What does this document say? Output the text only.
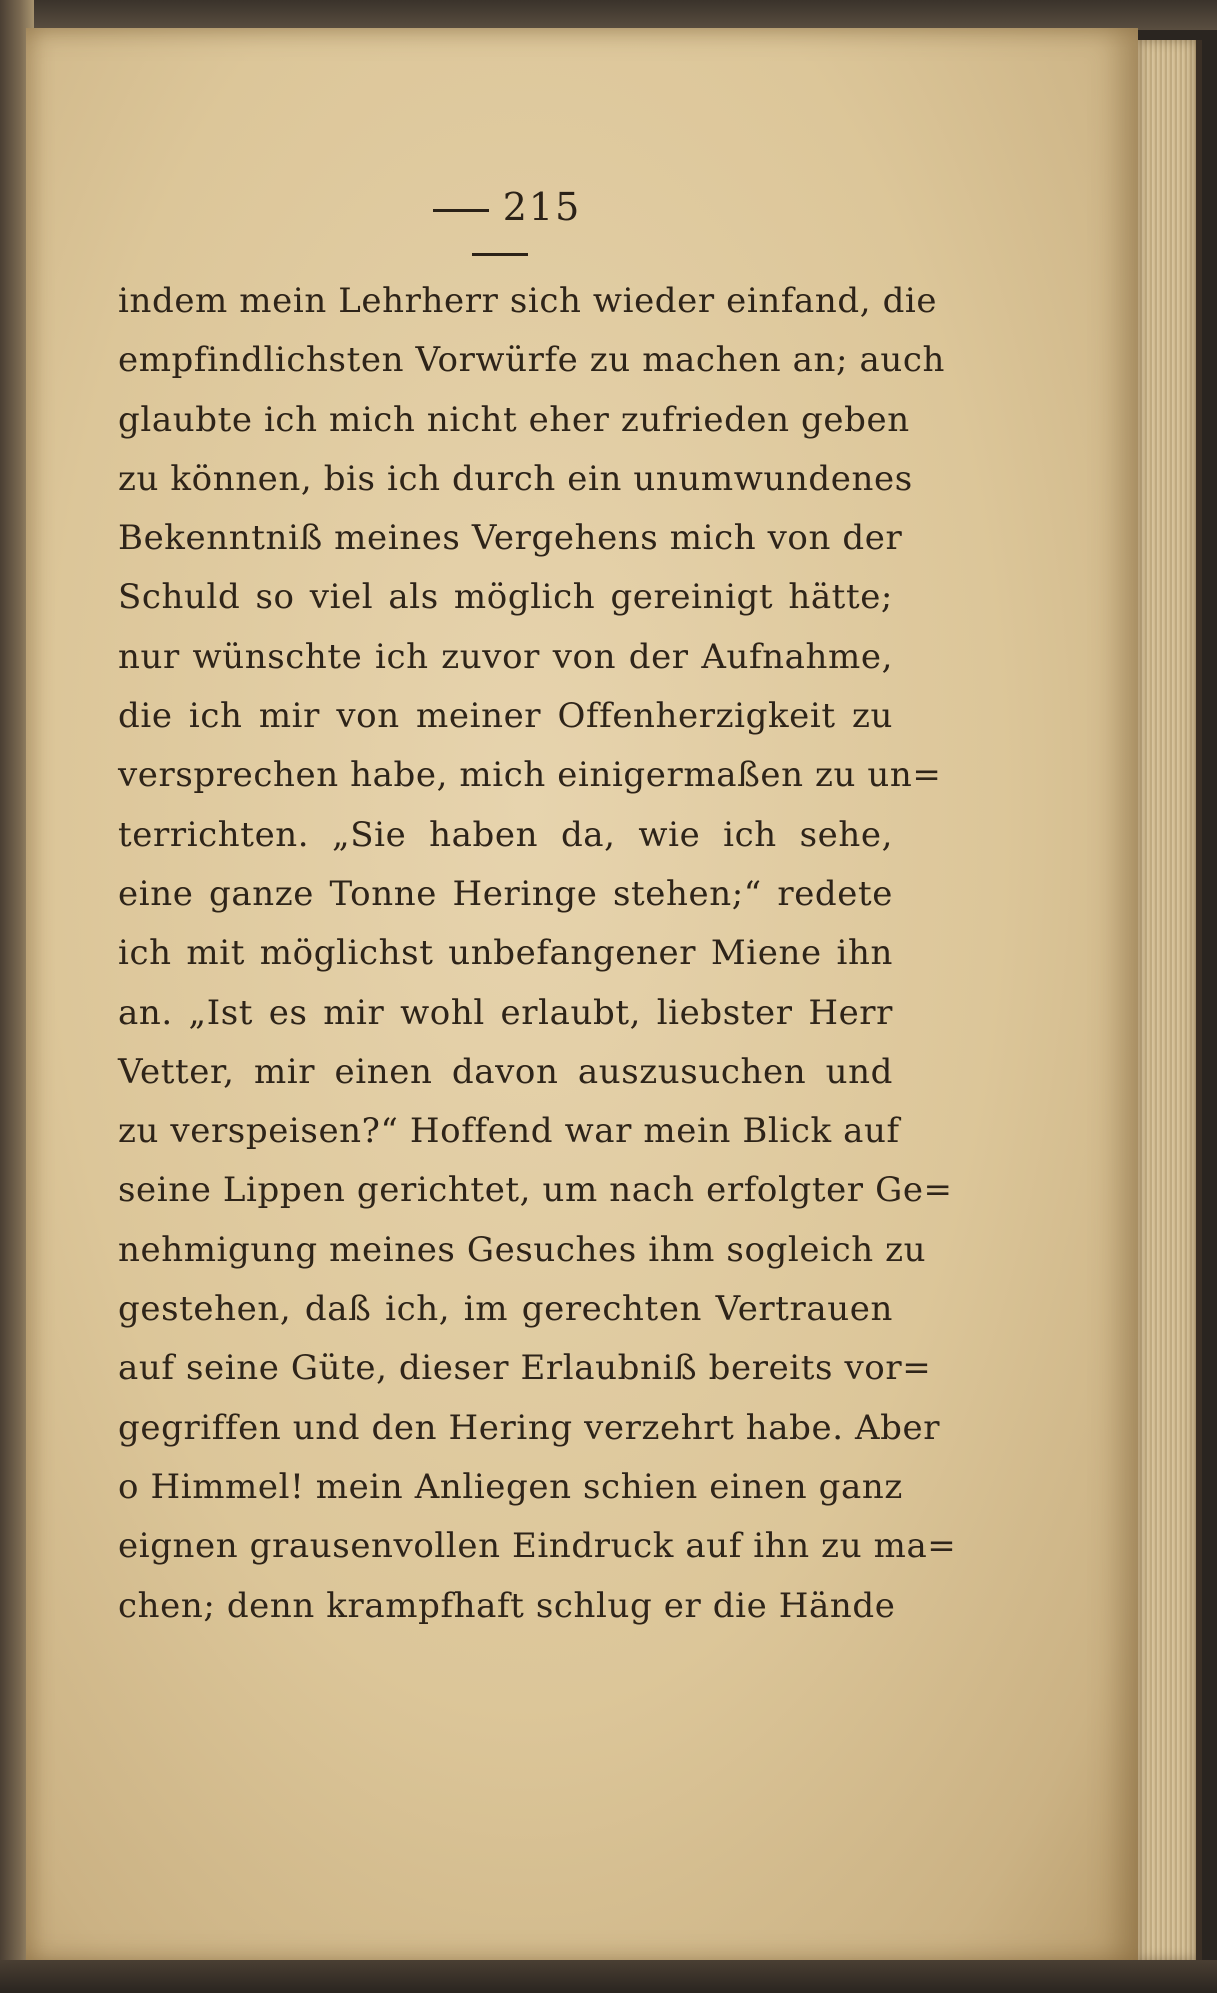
215
indem mein Lehrherr sich wieder einfand, die
empfindlichsten Vorwürfe zu machen an; auch
glaubte ich mich nicht eher zufrieden geben
zu können, bis ich durch ein unumwundenes
Bekenntniß meines Vergehens mich von der
Schuld so viel als möglich gereinigt hätte;
nur wünschte ich zuvor von der Aufnahme,
die ich mir von meiner Offenherzigkeit zu
versprechen habe, mich einigermaßen zu un=
terrichten. „Sie haben da, wie ich sehe,
eine ganze Tonne Heringe stehen;“ redete
ich mit möglichst unbefangener Miene ihn
an. „Ist es mir wohl erlaubt, liebster Herr
Vetter, mir einen davon auszusuchen und
zu verspeisen?“ Hoffend war mein Blick auf
seine Lippen gerichtet, um nach erfolgter Ge=
nehmigung meines Gesuches ihm sogleich zu
gestehen, daß ich, im gerechten Vertrauen
auf seine Güte, dieser Erlaubniß bereits vor=
gegriffen und den Hering verzehrt habe. Aber
o Himmel! mein Anliegen schien einen ganz
eignen grausenvollen Eindruck auf ihn zu ma=
chen; denn krampfhaft schlug er die Hände
